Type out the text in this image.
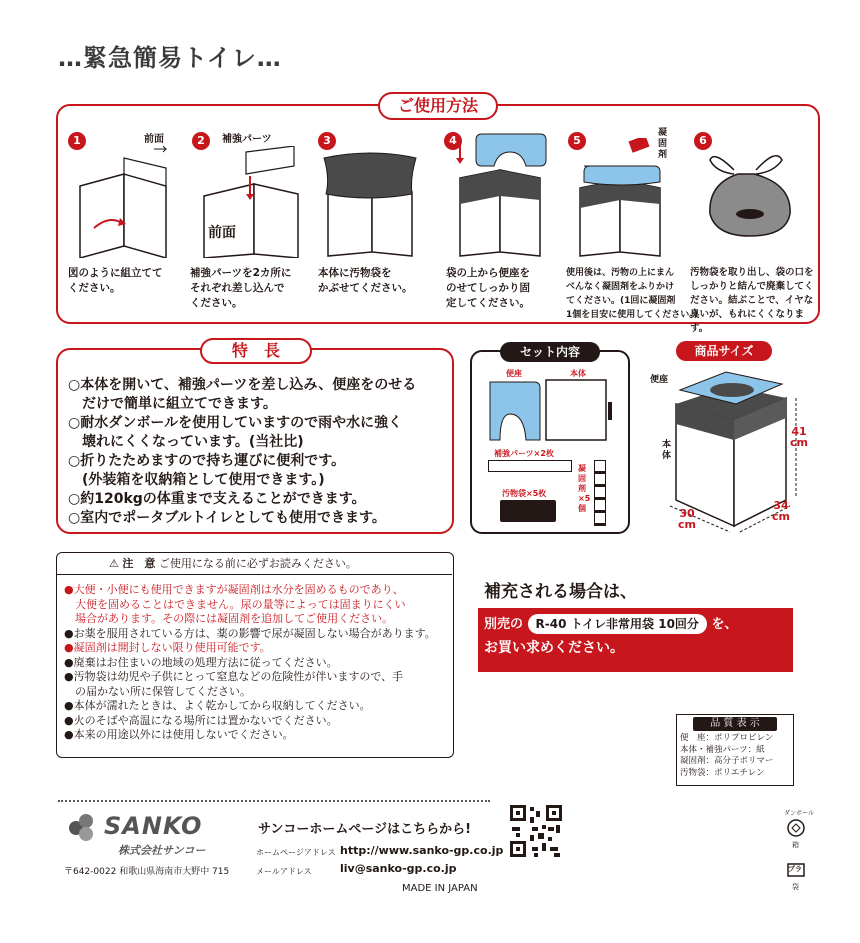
…緊急簡易トイレ…
ご使用方法
1	前面
図のように組立てて
ください。
2	補強パーツ
前面
補強パーツを2カ所に
それぞれ差し込んで
ください。
3
本体に汚物袋を
かぶせてください。
4
袋の上から便座を
のせてしっかり固
定してください。
5
凝固剤
使用後は、汚物の上にまん
べんなく凝固剤をふりかけ
てください。(1回に凝固剤
1個を目安に使用してください。)
6
汚物袋を取り出し、袋の口を
しっかりと結んで廃棄してく
ださい。結ぶことで、イヤな
臭いが、もれにくくなります。
特　長
○本体を開いて、補強パーツを差し込み、便座をのせる
　だけで簡単に組立てできます。
○耐水ダンボールを使用していますので雨や水に強く
　壊れにくくなっています。(当社比)
○折りたためますので持ち運びに便利です。
　(外装箱を収納箱として使用できます。)
○約120kgの体重まで支えることができます。
○室内でポータブルトイレとしても使用できます。
セット内容
便座	本体
補強パーツ×2枚
汚物袋×5枚
凝固剤×5個
商品サイズ
便座
本体
41
cm
30
cm
34
cm
⚠ 注　意 ご使用になる前に必ずお読みください。
●大便・小便にも使用できますが凝固剤は水分を固めるものであり、
　大便を固めることはできません。尿の量等によっては固まりにくい
　場合があります。その際には凝固剤を追加してご使用ください。
●お薬を服用されている方は、薬の影響で尿が凝固しない場合があります。
●凝固剤は開封しない限り使用可能です。
●廃棄はお住まいの地域の処理方法に従ってください。
●汚物袋は幼児や子供にとって窒息などの危険性が伴いますので、手
　の届かない所に保管してください。
●本体が濡れたときは、よく乾かしてから収納してください。
●火のそばや高温になる場所には置かないでください。
●本来の用途以外には使用しないでください。
補充される場合は、
別売の R-40 トイレ非常用袋 10回分 を、
お買い求めください。
品 質 表 示
便　座：ポリプロピレン
本体・補強パーツ：紙
凝固剤：高分子ポリマー
汚物袋：ポリエチレン
SANKO
株式会社サンコー
〒642-0022 和歌山県海南市大野中 715
サンコーホームページはこちらから!
ホームページアドレス http://www.sanko-gp.co.jp
メールアドレス	liv@sanko-gp.co.jp
MADE IN JAPAN
ダンボール
箱
プラ
袋
